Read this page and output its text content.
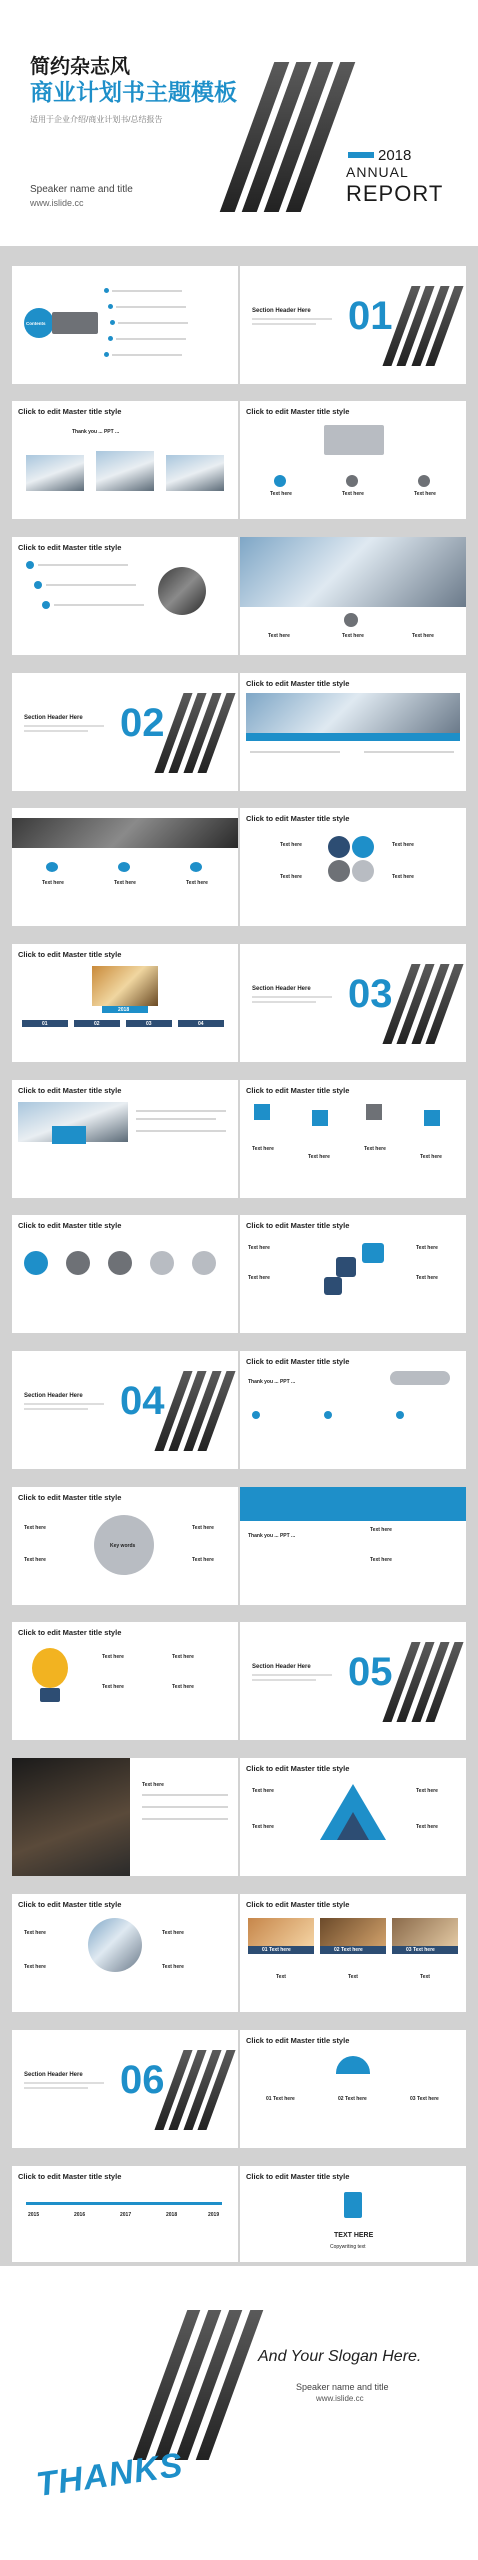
简约杂志风
商业计划书主题模板
适用于企业介绍/商业计划书/总结报告
Speaker name and title
www.islide.cc
2018
ANNUAL
REPORT
Contents
Section Header Here 01
Click to edit Master title style
Thank you ... PPT ...
Click to edit Master title style
Text here	Text here	Text here
Click to edit Master title style
Text here	Text here	Text here
Section Header Here 02
Click to edit Master title style
Text here	Text here	Text here
Click to edit Master title style
Text here	Text here
Text here	Text here
Click to edit Master title style
2018
01	02	03	04
Section Header Here 03
Click to edit Master title style	Click to edit Master title style
Text here
Text here
Text here
Text here
Click to edit Master title style	Click to edit Master title style
Text here
Text here
Text here
Text here
Section Header Here 04
Click to edit Master title style
Thank you ... PPT ...
Click to edit Master title style
Key words
Text here
Text here
Text here
Text here
Thank you ... PPT ...
Text here
Text here
Click to edit Master title style
Text here	Text here
Text here	Text here
Section Header Here 05
Text here
Click to edit Master title style
Text here
Text here
Text here
Text here
Click to edit Master title style
Text here
Text here
Text here
Text here
Click to edit Master title style
01 Text here	02 Text here	03 Text here
Text	Text	Text
Section Header Here 06
Click to edit Master title style
01 Text here	02 Text here	03 Text here
Click to edit Master title style
2015	2016	2017	2018	2019
Click to edit Master title style
TEXT HERE
Copywriting text
And Your Slogan Here.
Speaker name and title
www.islide.cc
THANKS
